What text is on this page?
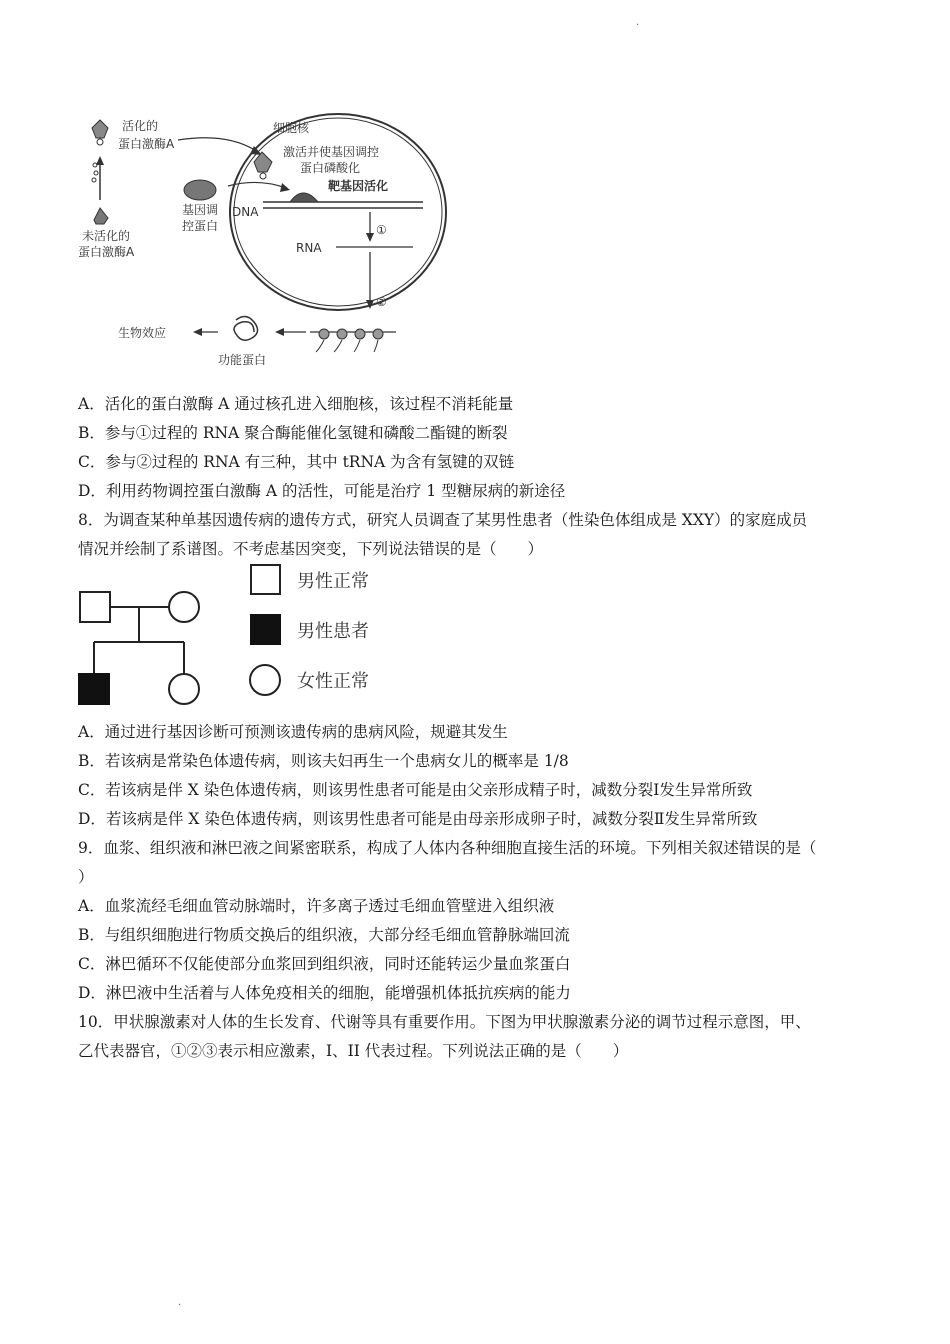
·
细胞核
活化的
蛋白激酶A
未活化的
蛋白激酶A
激活并使基因调控
蛋白磷酸化
靶基因活化
基因调
控蛋白
DNA
①
RNA
②
功能蛋白
生物效应
A．活化的蛋白激酶 A 通过核孔进入细胞核，该过程不消耗能量
B．参与①过程的 RNA 聚合酶能催化氢键和磷酸二酯键的断裂
C．参与②过程的 RNA 有三种，其中 tRNA 为含有氢键的双链
D．利用药物调控蛋白激酶 A 的活性，可能是治疗 1 型糖尿病的新途径
8．为调查某种单基因遗传病的遗传方式，研究人员调查了某男性患者（性染色体组成是 XXY）的家庭成员
情况并绘制了系谱图。不考虑基因突变，下列说法错误的是（　　）
男性正常
男性患者
女性正常
A．通过进行基因诊断可预测该遗传病的患病风险，规避其发生
B．若该病是常染色体遗传病，则该夫妇再生一个患病女儿的概率是 1/8
C．若该病是伴 X 染色体遗传病，则该男性患者可能是由父亲形成精子时，减数分裂Ⅰ发生异常所致
D．若该病是伴 X 染色体遗传病，则该男性患者可能是由母亲形成卵子时，减数分裂Ⅱ发生异常所致
9．血浆、组织液和淋巴液之间紧密联系，构成了人体内各种细胞直接生活的环境。下列相关叙述错误的是（
）
A．血浆流经毛细血管动脉端时，许多离子透过毛细血管壁进入组织液
B．与组织细胞进行物质交换后的组织液，大部分经毛细血管静脉端回流
C．淋巴循环不仅能使部分血浆回到组织液，同时还能转运少量血浆蛋白
D．淋巴液中生活着与人体免疫相关的细胞，能增强机体抵抗疾病的能力
10．甲状腺激素对人体的生长发育、代谢等具有重要作用。下图为甲状腺激素分泌的调节过程示意图，甲、
乙代表器官，①②③表示相应激素，I、II 代表过程。下列说法正确的是（　　）
·
